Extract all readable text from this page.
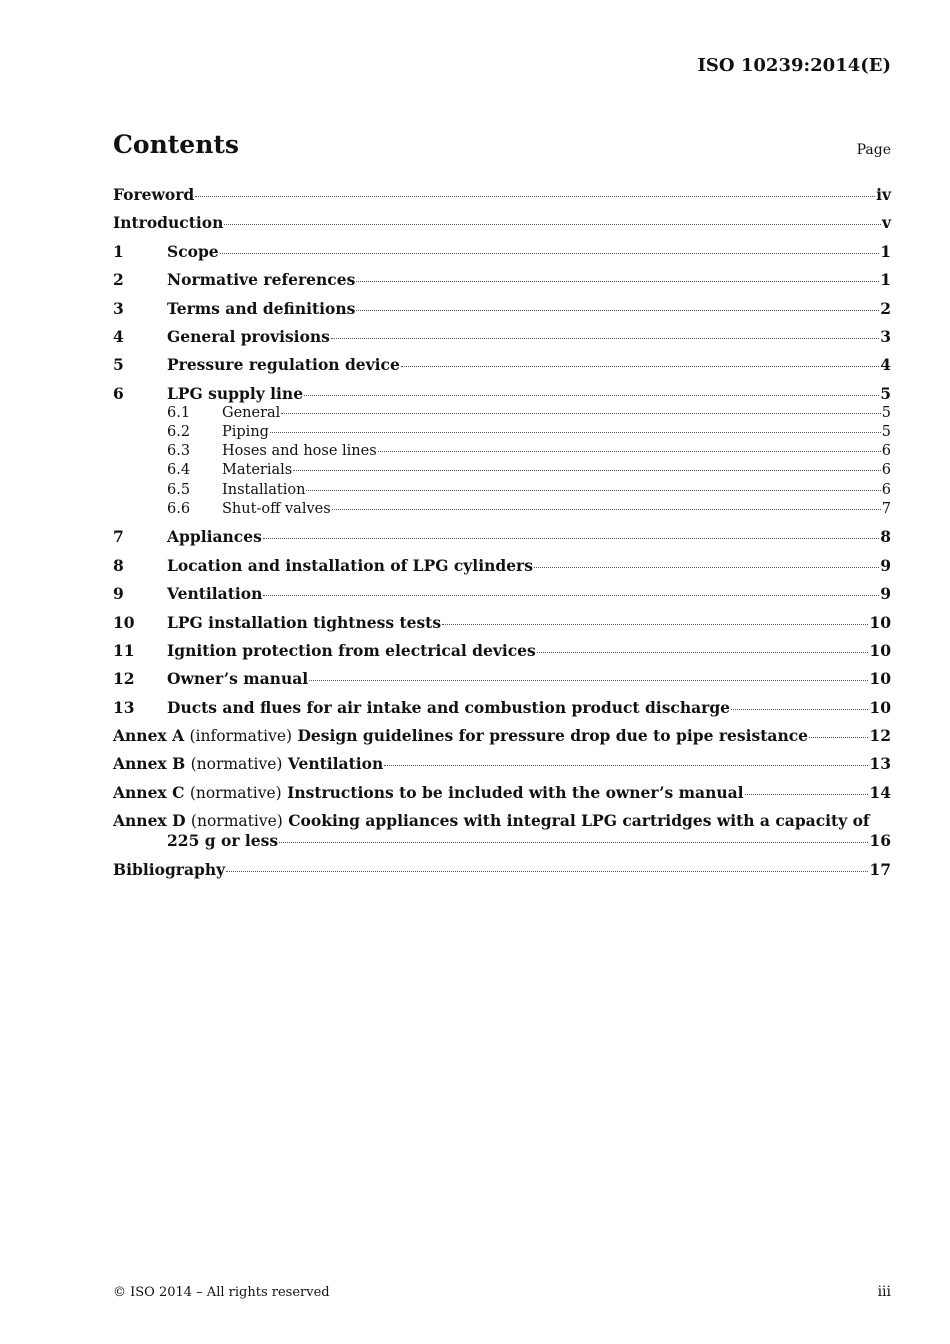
ISO 10239:2014(E)
Contents	Page
Foreword	iv
Introduction	v
1	Scope	1
2	Normative references	1
3	Terms and definitions	2
4	General provisions	3
5	Pressure regulation device	4
6	LPG supply line	5
6.1	General	5
6.2	Piping	5
6.3	Hoses and hose lines	6
6.4	Materials	6
6.5	Installation	6
6.6	Shut-off valves	7
7	Appliances	8
8	Location and installation of LPG cylinders	9
9	Ventilation	9
10	LPG installation tightness tests	10
11	Ignition protection from electrical devices	10
12	Owner’s manual	10
13	Ducts and flues for air intake and combustion product discharge	10
Annex A
(informative)
Design guidelines for pressure drop due to pipe resistance	12
Annex B
(normative)
Ventilation	13
Annex C
(normative)
Instructions to be included with the owner’s manual	14
Annex D (normative) Cooking appliances with integral LPG cartridges with a capacity of
225 g or less	16
Bibliography	17
© ISO 2014 – All rights reserved	iii
